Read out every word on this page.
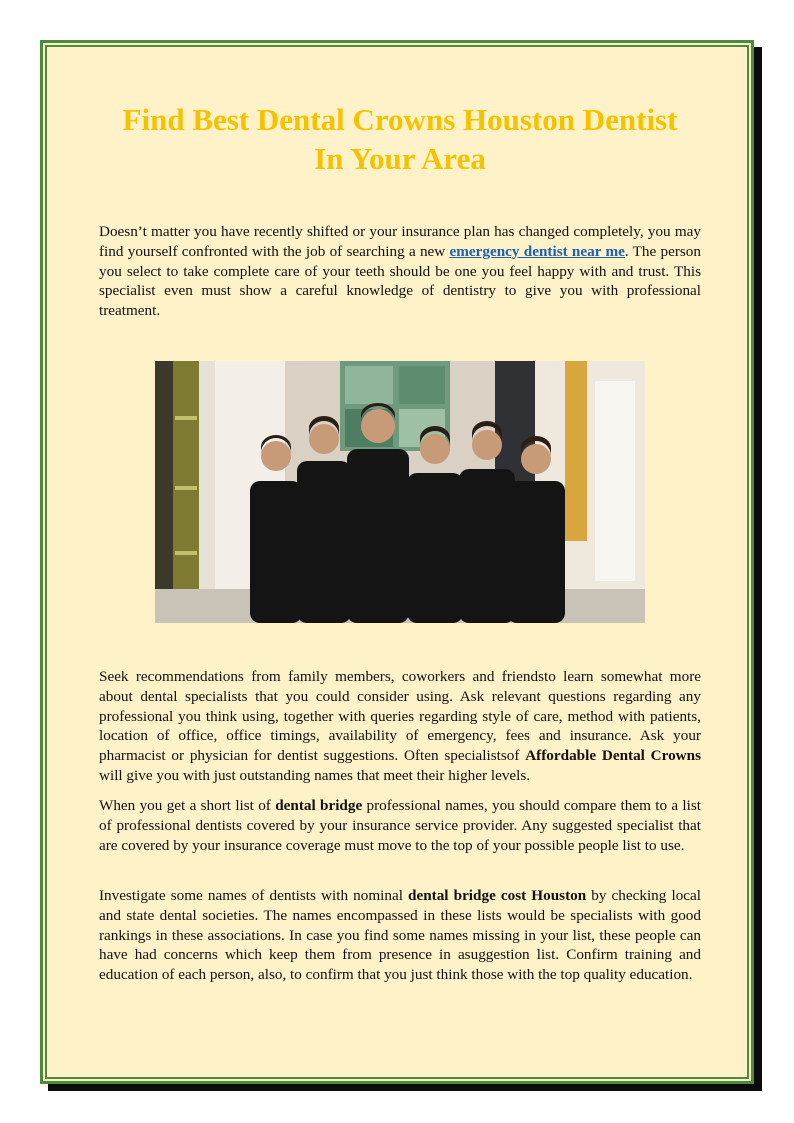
Find Best Dental Crowns Houston Dentist
In Your Area

Doesn’t matter you have recently shifted or your insurance plan has changed completely, you may find yourself confronted with the job of searching a new emergency dentist near me. The person you select to take complete care of your teeth should be one you feel happy with and trust. This specialist even must show a careful knowledge of dentistry to give you with professional treatment.

Seek recommendations from family members, coworkers and friendsto learn somewhat more about dental specialists that you could consider using. Ask relevant questions regarding any professional you think using, together with queries regarding style of care, method with patients, location of office, office timings, availability of emergency, fees and insurance. Ask your pharmacist or physician for dentist suggestions. Often specialistsof Affordable Dental Crowns will give you with just outstanding names that meet their higher levels.

When you get a short list of dental bridge professional names, you should compare them to a list of professional dentists covered by your insurance service provider. Any suggested specialist that are covered by your insurance coverage must move to the top of your possible people list to use.

Investigate some names of dentists with nominal dental bridge cost Houston by checking local and state dental societies. The names encompassed in these lists would be specialists with good rankings in these associations. In case you find some names missing in your list, these people can have had concerns which keep them from presence in asuggestion list. Confirm training and education of each person, also, to confirm that you just think those with the top quality education.
